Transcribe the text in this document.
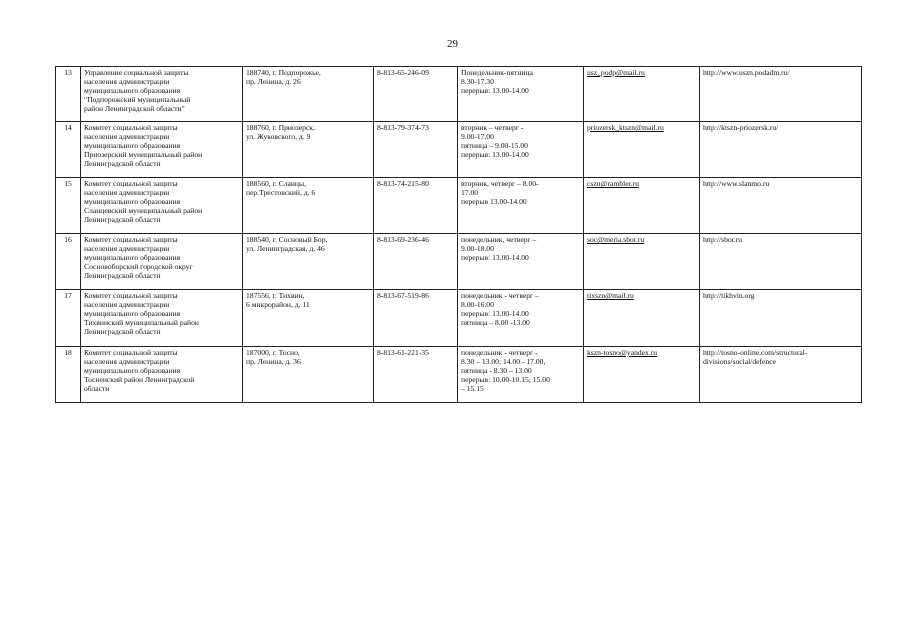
29
13	Управление социальной защиты
населения администрации
муниципального образования
"Подпорожский муниципальный
район Ленинградской области"	188740, г. Подпорожье,
пр. Ленина, д. 26	8-813-65-246-09	Понедельник-пятница
8.30-17.30
перерыв: 13.00-14.00	usz_podp@mail.ru	http://www.uszn.podadm.ru/

14	Комитет социальной защиты
населения администрации
муниципального образования
Приозерский муниципальный район
Ленинградской области	188760, г. Приозерск,
ул. Жуковского, д. 9	8-813-79-374-73	вторник – четверг -
9.00-17.00
пятница – 9.00-15.00
перерыв: 13.00-14.00	priozersk_ktszn@mail.ru	http://ktszn-priozersk.ru/

15	Комитет социальной защиты
населения администрации
муниципального образования
Сланцевский муниципальный район
Ленинградской области	188560, г. Сланцы,
пер.Трестовский, д. 6	8-813-74-215-80	вторник, четверг – 8.00-
17.00
перерыв 13.00-14.00	cszn@rambler.ru	http://www.slanmo.ru

16	Комитет социальной защиты
населения администрации
муниципального образования
Сосновоборский городской округ
Ленинградской области	188540, г. Сосновый Бор,
ул. Ленинградская, д. 46	8-813-69-236-46	понедельник, четверг –
9.00-18.00
перерыв: 13.00-14.00	soc@meria.sbor.ru	http://sbor.ru

17	Комитет социальной защиты
населения администрации
муниципального образования
Тихвинский муниципальный район
Ленинградской области	187556, г. Тихвин,
6 микрорайон, д. 11	8-813-67-519-86	понедельник - четверг –
8.00-16.00
перерыв: 13.00-14.00
пятница – 8.00 -13.00	tixszn@mail.ru	http://tikhvin.org

18	Комитет социальной защиты
населения администрации
муниципального образования
Тосненский район Ленинградской
области	187000, г. Тосно,
пр. Ленина, д. 36	8-813-61-221-35	понедельник - четверг -
8.30 – 13.00; 14.00 - 17.00,
пятница - 8.30 – 13.00
перерыв: 10.00-10.15; 15.00
– 15.15	kszn-tosno@yandex.ru	http://tosno-online.com/structural-
divisions/social/defence
